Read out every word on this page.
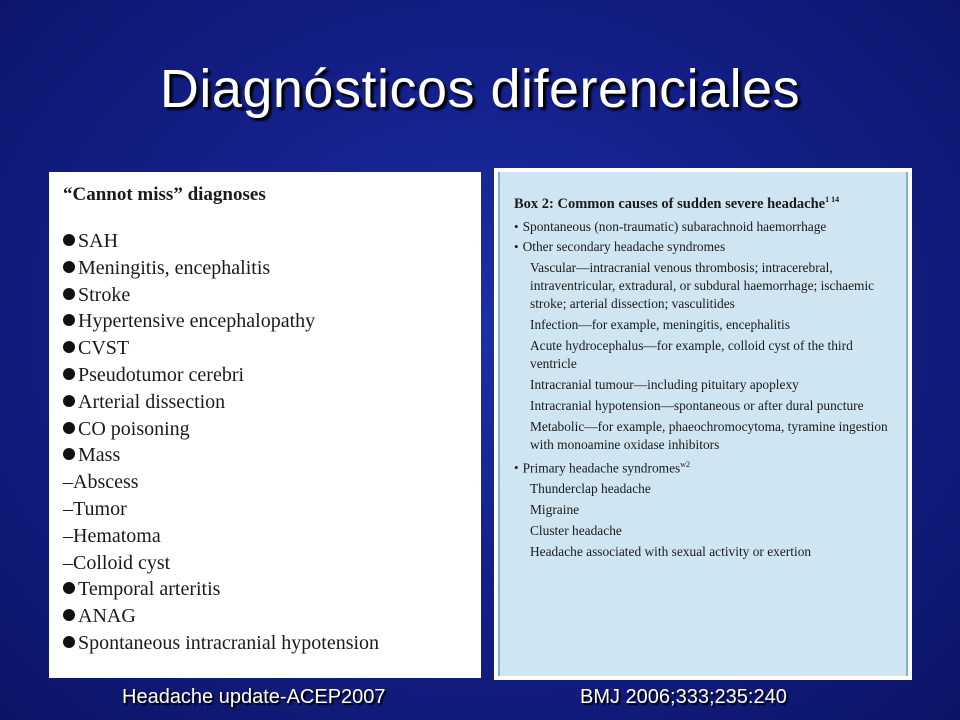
Diagnósticos diferenciales
“Cannot miss” diagnoses
SAH
Meningitis, encephalitis
Stroke
Hypertensive encephalopathy
CVST
Pseudotumor cerebri
Arterial dissection
CO poisoning
Mass
–Abscess
–Tumor
–Hematoma
–Colloid cyst
Temporal arteritis
ANAG
Spontaneous intracranial hypotension
Box 2: Common causes of sudden severe headache$^{1 14}$
• Spontaneous (non-traumatic) subarachnoid haemorrhage
• Other secondary headache syndromes
Vascular—intracranial venous thrombosis; intracerebral, intraventricular, extradural, or subdural haemorrhage; ischaemic stroke; arterial dissection; vasculitides
Infection—for example, meningitis, encephalitis
Acute hydrocephalus—for example, colloid cyst of the third ventricle
Intracranial tumour—including pituitary apoplexy
Intracranial hypotension—spontaneous or after dural puncture
Metabolic—for example, phaeochromocytoma, tyramine ingestion with monoamine oxidase inhibitors
• Primary headache syndromes$^{w2}$
Thunderclap headache
Migraine
Cluster headache
Headache associated with sexual activity or exertion
Headache update-ACEP2007	BMJ 2006;333;235:240
